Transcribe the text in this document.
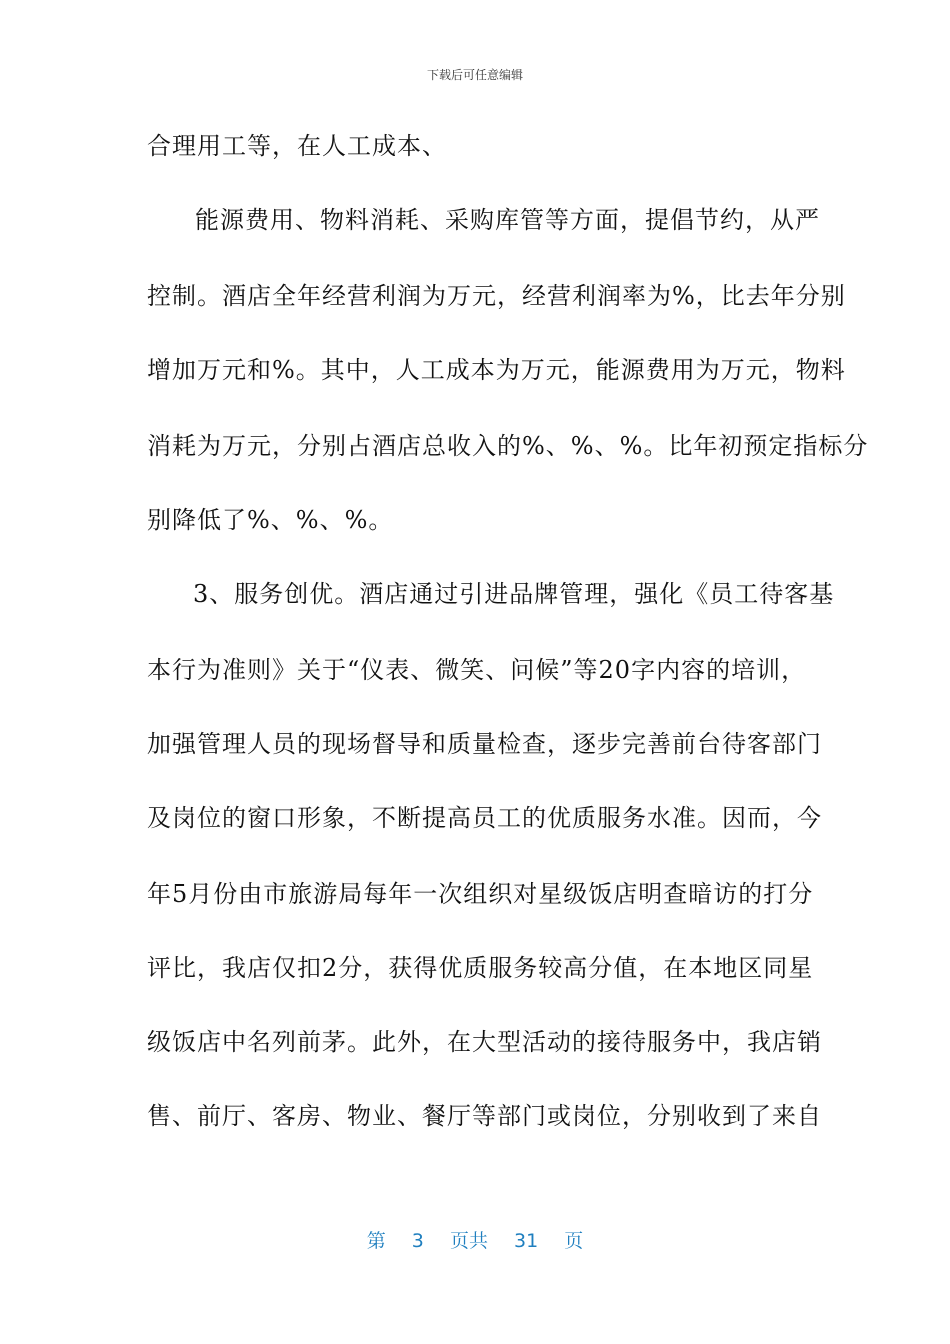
下载后可任意编辑
合理用工等，在人工成本、
能源费用、物料消耗、采购库管等方面，提倡节约，从严
控制。酒店全年经营利润为万元，经营利润率为%，比去年分别
增加万元和%。其中，人工成本为万元，能源费用为万元，物料
消耗为万元，分别占酒店总收入的%、%、%。比年初预定指标分
别降低了%、%、%。
3、服务创优。酒店通过引进品牌管理，强化《员工待客基
本行为准则》关于“仪表、微笑、问候”等20字内容的培训，
加强管理人员的现场督导和质量检查，逐步完善前台待客部门
及岗位的窗口形象，不断提高员工的优质服务水准。因而，今
年5月份由市旅游局每年一次组织对星级饭店明查暗访的打分
评比，我店仅扣2分，获得优质服务较高分值，在本地区同星
级饭店中名列前茅。此外，在大型活动的接待服务中，我店销
售、前厅、客房、物业、餐厅等部门或岗位，分别收到了来自
第 3 页共 31 页
